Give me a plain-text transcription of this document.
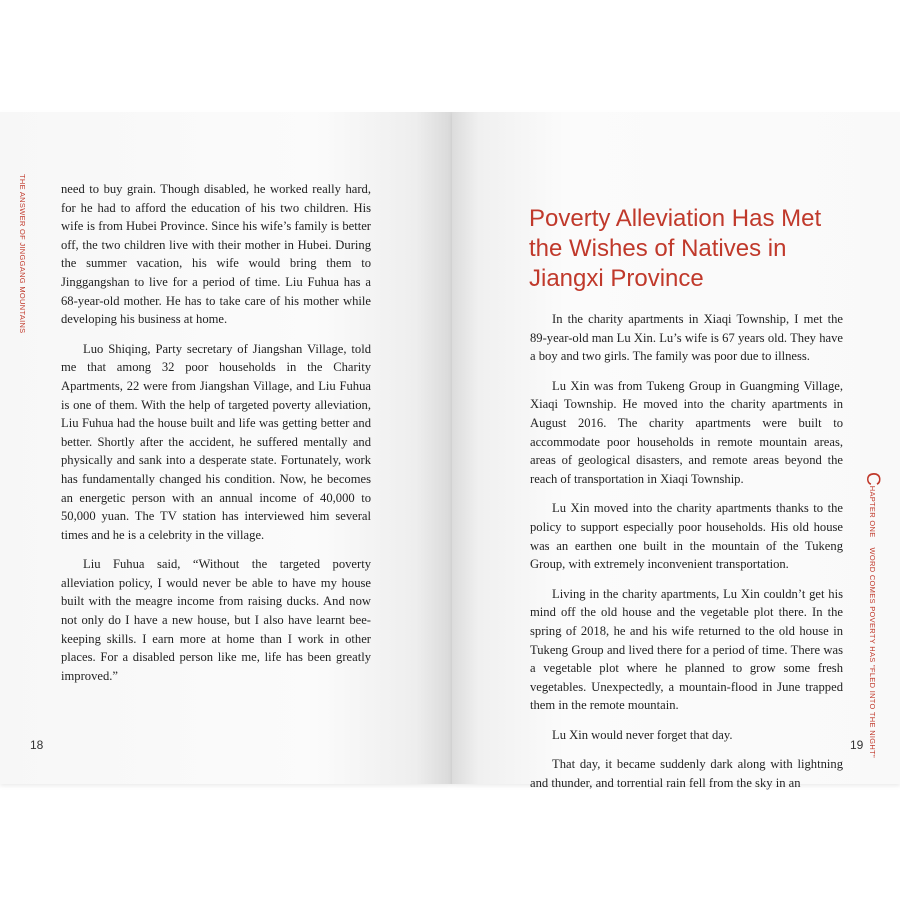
THE ANSWER OF JINGGANG MOUNTAINS	need to buy grain. Though disabled, he worked really hard, for he had to afford the education of his two children. His wife is from Hubei Province. Since his wife’s family is better off, the two children live with their mother in Hubei. During the summer vacation, his wife would bring them to Jinggangshan to live for a period of time. Liu Fuhua has a 68-year-old mother. He has to take care of his mother while developing his business at home.

Luo Shiqing, Party secretary of Jiangshan Village, told me that among 32 poor households in the Charity Apartments, 22 were from Jiangshan Village, and Liu Fuhua is one of them. With the help of targeted poverty alleviation, Liu Fuhua had the house built and life was getting better and better. Shortly after the accident, he suffered mentally and physically and sank into a desperate state. Fortunately, work has fundamentally changed his condition. Now, he becomes an energetic person with an annual income of 40,000 to 50,000 yuan. The TV station has interviewed him several times and he is a celebrity in the village.

Liu Fuhua said, “Without the targeted poverty alleviation policy, I would never be able to have my house built with the meagre income from raising ducks. And now not only do I have a new house, but I also have learnt bee-keeping skills. I earn more at home than I work in other places. For a disabled person like me, life has been greatly improved.”

18
Poverty Alleviation Has Met the Wishes of Natives in Jiangxi Province

In the charity apartments in Xiaqi Township, I met the 89-year-old man Lu Xin. Lu’s wife is 67 years old. They have a boy and two girls. The family was poor due to illness.

Lu Xin was from Tukeng Group in Guangming Village, Xiaqi Township. He moved into the charity apartments in August 2016. The charity apartments were built to accommodate poor households in remote mountain areas, areas of geological disasters, and remote areas beyond the reach of transportation in Xiaqi Township.

Lu Xin moved into the charity apartments thanks to the policy to support especially poor households. His old house was an earthen one built in the mountain of the Tukeng Group, with extremely inconvenient transportation.

Living in the charity apartments, Lu Xin couldn’t get his mind off the old house and the vegetable plot there. In the spring of 2018, he and his wife returned to the old house in Tukeng Group and lived there for a period of time. There was a vegetable plot where he planned to grow some fresh vegetables. Unexpectedly, a mountain-flood in June trapped them in the remote mountain.

Lu Xin would never forget that day.

That day, it became suddenly dark along with lightning and thunder, and torrential rain fell from the sky in an

CHAPTER ONEWORD COMES POVERTY HAS "FLED INTO THE NIGHT"
19
